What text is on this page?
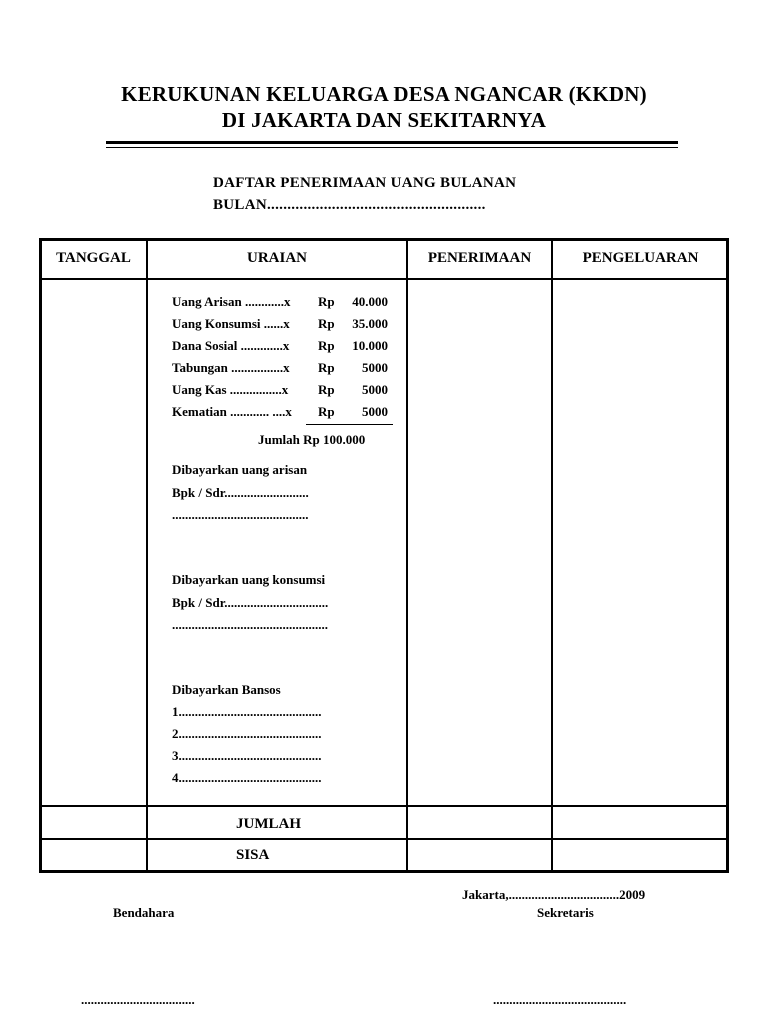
KERUKUNAN KELUARGA DESA NGANCAR (KKDN)
DI JAKARTA DAN SEKITARNYA
DAFTAR PENERIMAAN UANG BULANAN
BULAN......................................................
TANGGAL	URAIAN	PENERIMAAN	PENGELUARAN
Uang Arisan ............x Rp	40.000
Uang Konsumsi ......x Rp	35.000
Dana Sosial .............x Rp	10.000
Tabungan ................x Rp	5000
Uang Kas ................x Rp	5000
Kematian ............ ....x Rp	5000
Jumlah Rp 100.000
Dibayarkan uang arisan
Bpk / Sdr..........................
..........................................
Dibayarkan uang konsumsi
Bpk / Sdr................................
................................................
Dibayarkan Bansos
1............................................
2............................................
3............................................
4............................................
JUMLAH
SISA
Jakarta,..................................2009
Bendahara	Sekretaris
...................................	.........................................
